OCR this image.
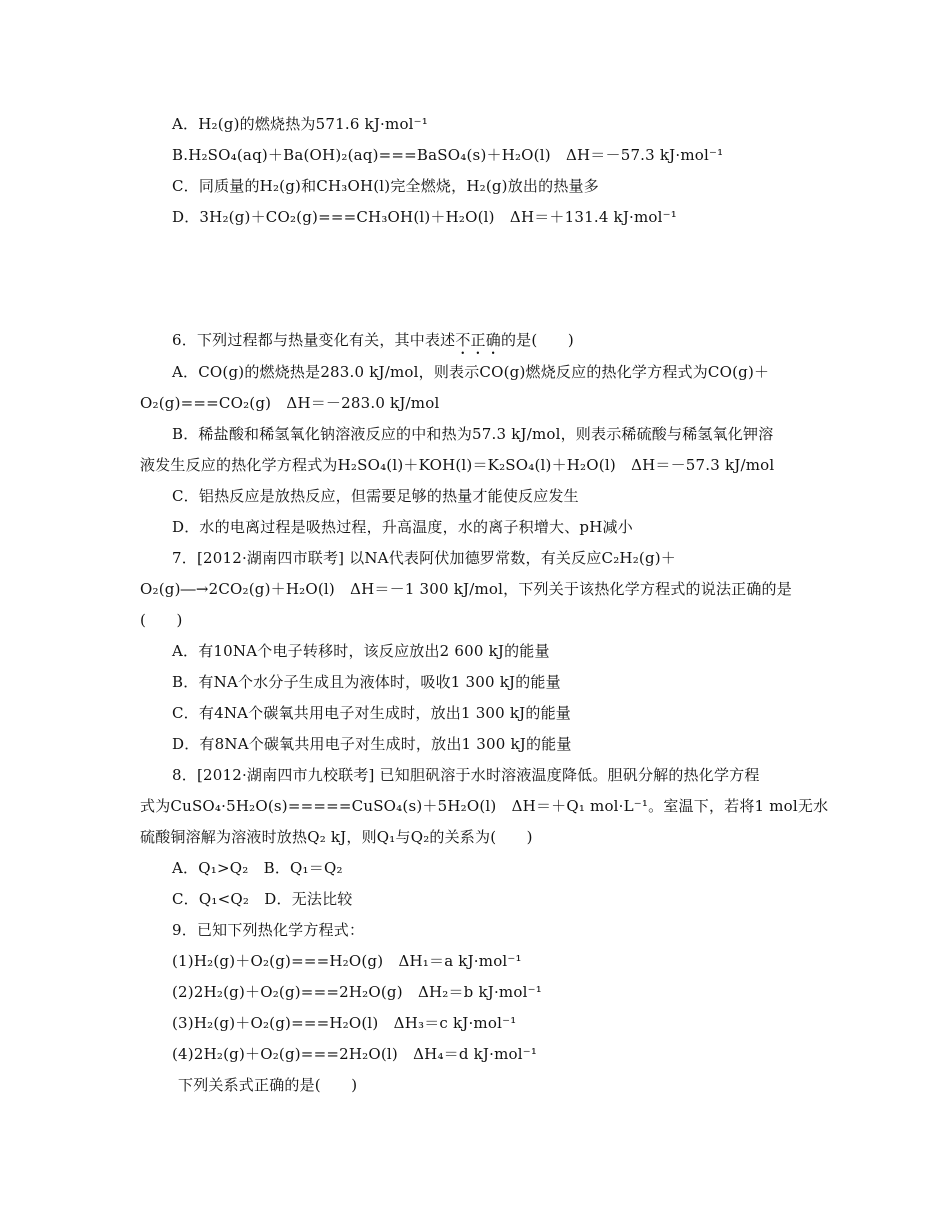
A．H₂(g)的燃烧热为571.6 kJ·mol⁻¹
B.H₂SO₄(aq)＋Ba(OH)₂(aq)===BaSO₄(s)＋H₂O(l)　ΔH＝－57.3 kJ·mol⁻¹
C．同质量的H₂(g)和CH₃OH(l)完全燃烧，H₂(g)放出的热量多
D．3H₂(g)＋CO₂(g)===CH₃OH(l)＋H₂O(l)　ΔH＝＋131.4 kJ·mol⁻¹
6．下列过程都与热量变化有关，其中表述不正确的是(　　)
A．CO(g)的燃烧热是283.0 kJ/mol，则表示CO(g)燃烧反应的热化学方程式为CO(g)＋
O₂(g)===CO₂(g)　ΔH＝－283.0 kJ/mol
B．稀盐酸和稀氢氧化钠溶液反应的中和热为57.3 kJ/mol，则表示稀硫酸与稀氢氧化钾溶
液发生反应的热化学方程式为H₂SO₄(l)＋KOH(l)＝K₂SO₄(l)＋H₂O(l)　ΔH＝－57.3 kJ/mol
C．铝热反应是放热反应，但需要足够的热量才能使反应发生
D．水的电离过程是吸热过程，升高温度，水的离子积增大、pH减小
7．[2012·湖南四市联考] 以NA代表阿伏加德罗常数，有关反应C₂H₂(g)＋
O₂(g)―→2CO₂(g)＋H₂O(l)　ΔH＝－1 300 kJ/mol，下列关于该热化学方程式的说法正确的是
(　　)
A．有10NA个电子转移时，该反应放出2 600 kJ的能量
B．有NA个水分子生成且为液体时，吸收1 300 kJ的能量
C．有4NA个碳氧共用电子对生成时，放出1 300 kJ的能量
D．有8NA个碳氧共用电子对生成时，放出1 300 kJ的能量
8．[2012·湖南四市九校联考] 已知胆矾溶于水时溶液温度降低。胆矾分解的热化学方程
式为CuSO₄·5H₂O(s)=====CuSO₄(s)＋5H₂O(l)　ΔH＝＋Q₁ mol·L⁻¹。室温下，若将1 mol无水
硫酸铜溶解为溶液时放热Q₂ kJ，则Q₁与Q₂的关系为(　　)
A．Q₁>Q₂　B．Q₁＝Q₂
C．Q₁<Q₂　D．无法比较
9．已知下列热化学方程式：
(1)H₂(g)＋O₂(g)===H₂O(g)　ΔH₁＝a kJ·mol⁻¹
(2)2H₂(g)＋O₂(g)===2H₂O(g)　ΔH₂＝b kJ·mol⁻¹
(3)H₂(g)＋O₂(g)===H₂O(l)　ΔH₃＝c kJ·mol⁻¹
(4)2H₂(g)＋O₂(g)===2H₂O(l)　ΔH₄＝d kJ·mol⁻¹
下列关系式正确的是(　　)
